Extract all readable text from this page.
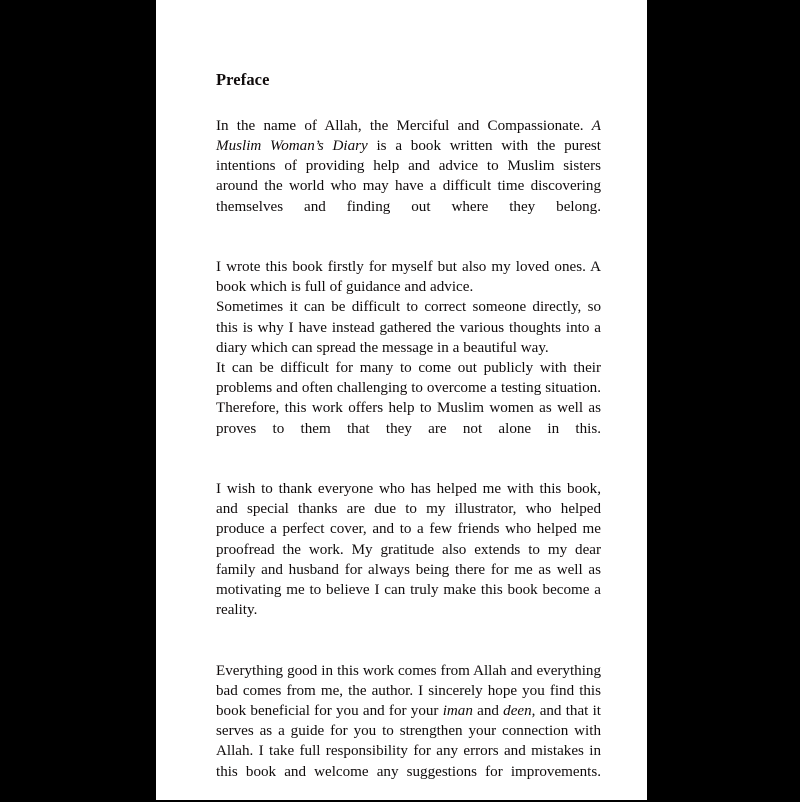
Preface

In the name of Allah, the Merciful and Compassionate. A Muslim Woman’s Diary is a book written with the purest intentions of providing help and advice to Muslim sisters around the world who may have a difficult time discovering themselves and finding out where they belong.

I wrote this book firstly for myself but also my loved ones. A book which is full of guidance and advice.
Sometimes it can be difficult to correct someone directly, so this is why I have instead gathered the various thoughts into a diary which can spread the message in a beautiful way.
It can be difficult for many to come out publicly with their problems and often challenging to overcome a testing situation. Therefore, this work offers help to Muslim women as well as proves to them that they are not alone in this.

I wish to thank everyone who has helped me with this book, and special thanks are due to my illustrator, who helped produce a perfect cover, and to a few friends who helped me proofread the work. My gratitude also extends to my dear family and husband for always being there for me as well as motivating me to believe I can truly make this book become a reality.

Everything good in this work comes from Allah and everything bad comes from me, the author. I sincerely hope you find this book beneficial for you and for your iman and deen, and that it serves as a guide for you to strengthen your connection with Allah. I take full responsibility for any errors and mistakes in this book and welcome any suggestions for improvements.
